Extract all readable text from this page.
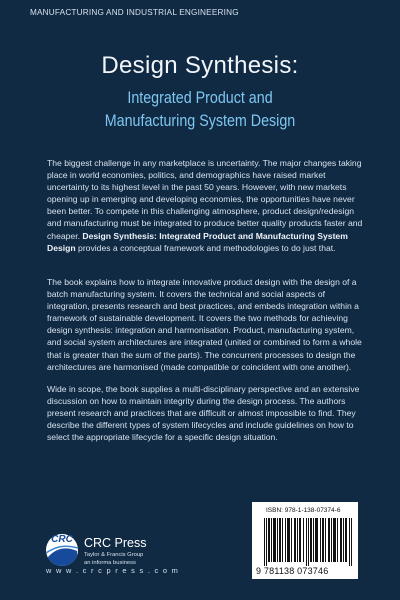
MANUFACTURING AND INDUSTRIAL ENGINEERING
Design Synthesis:
Integrated Product and
Manufacturing System Design

The biggest challenge in any marketplace is uncertainty. The major changes taking place in world economies, politics, and demographics have raised market uncertainty to its highest level in the past 50 years. However, with new markets opening up in emerging and developing economies, the opportunities have never been better. To compete in this challenging atmosphere, product design/redesign and manufacturing must be integrated to produce better quality products faster and cheaper. Design Synthesis: Integrated Product and Manufacturing System Design provides a conceptual framework and methodologies to do just that.

The book explains how to integrate innovative product design with the design of a batch manufacturing system. It covers the technical and social aspects of integration, presents research and best practices, and embeds integration within a framework of sustainable development. It covers the two methods for achieving design synthesis: integration and harmonisation. Product, manufacturing system, and social system architectures are integrated (united or combined to form a whole that is greater than the sum of the parts). The concurrent processes to design the architectures are harmonised (made compatible or coincident with one another).

Wide in scope, the book supplies a multi-disciplinary perspective and an extensive discussion on how to maintain integrity during the design process. The authors present research and practices that are difficult or almost impossible to find. They describe the different types of system lifecycles and include guidelines on how to select the appropriate lifecycle for a specific design situation.

CRC CRC Press
Taylor & Francis Group
an informa business
w w w . c r c p r e s s . c o m
ISBN: 978-1-138-07374-6
9 781138 073746
